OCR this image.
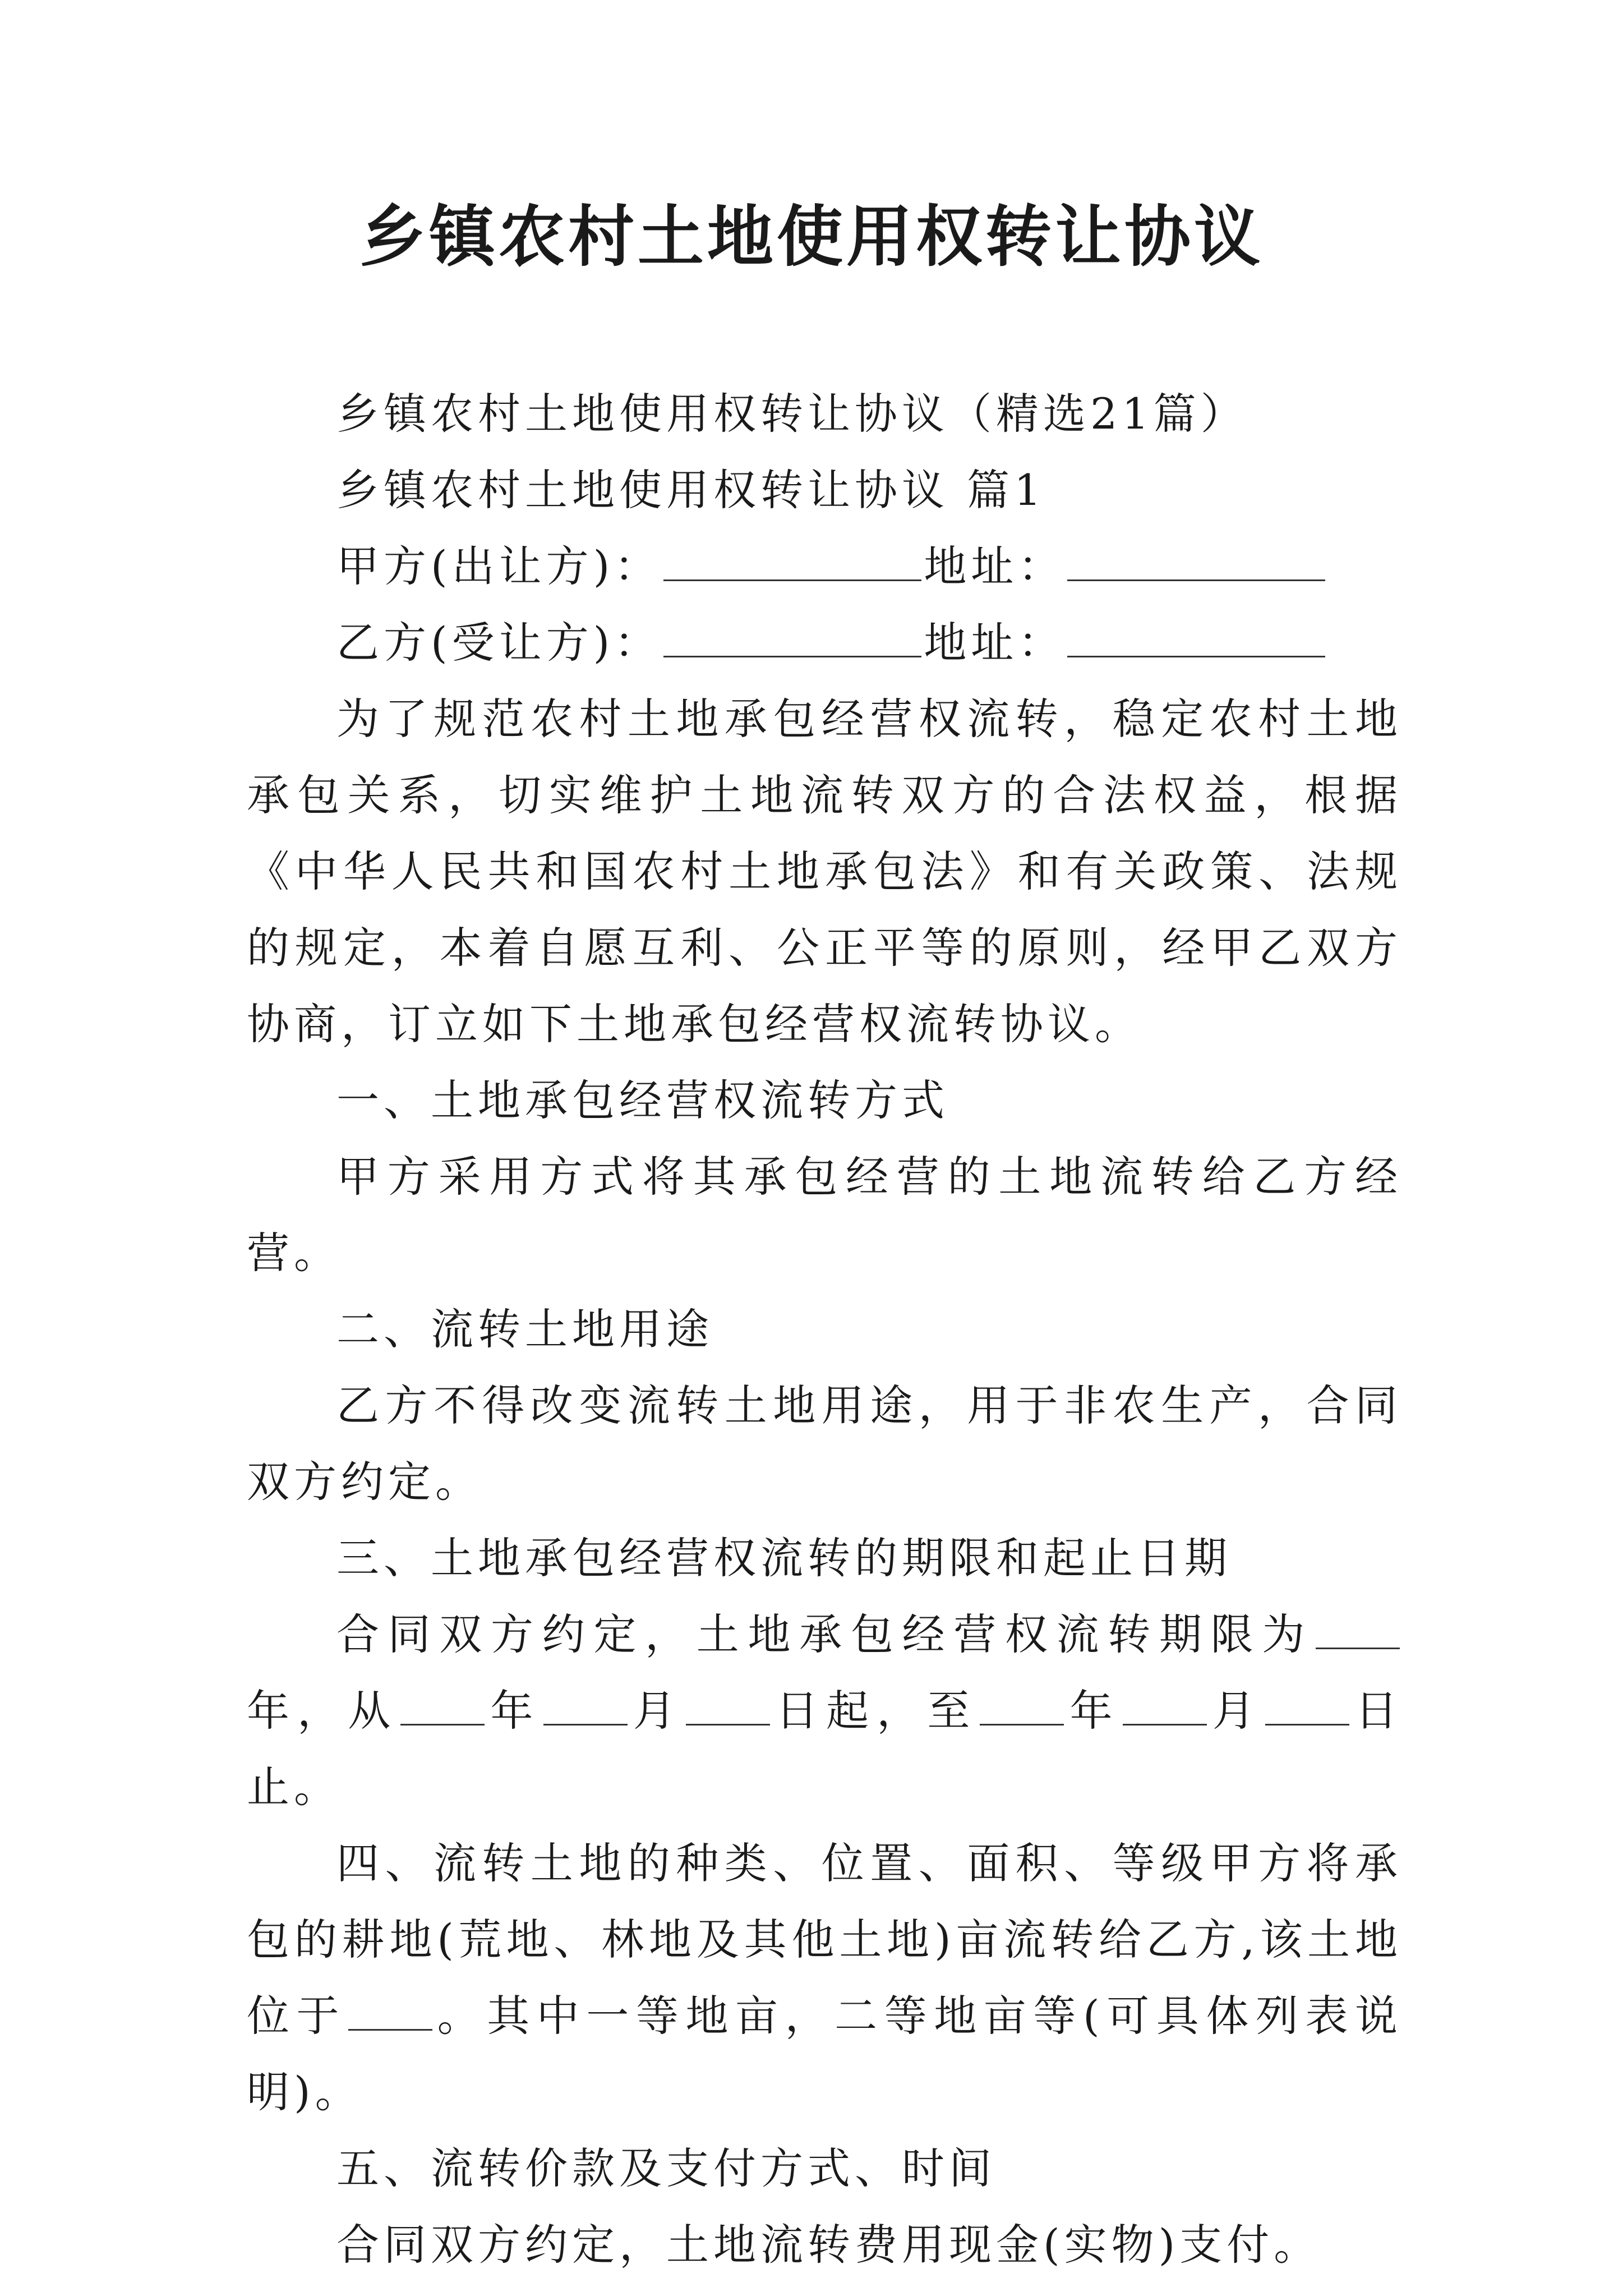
乡镇农村土地使用权转让协议

乡镇农村土地使用权转让协议（精选21篇）

乡镇农村土地使用权转让协议 篇1

甲方(出让方)：	地址：

乙方(受让方)：	地址：

为了规范农村土地承包经营权流转，稳定农村土地承包关系，切实维护土地流转双方的合法权益，根据《中华人民共和国农村土地承包法》和有关政策、法规的规定，本着自愿互利、公正平等的原则，经甲乙双方协商，订立如下土地承包经营权流转协议。

一、土地承包经营权流转方式

甲方采用方式将其承包经营的土地流转给乙方经营。

二、流转土地用途

乙方不得改变流转土地用途，用于非农生产，合同双方约定。

三、土地承包经营权流转的期限和起止日期

合同双方约定，土地承包经营权流转期限为年，从 年 月 日起，至 年 月 日止。

四、流转土地的种类、位置、面积、等级甲方将承包的耕地(荒地、林地及其他土地)亩流转给乙方,该土地位于 。其中一等地亩，二等地亩等(可具体列表说明)。

五、流转价款及支付方式、时间

合同双方约定，土地流转费用现金(实物)支付。
